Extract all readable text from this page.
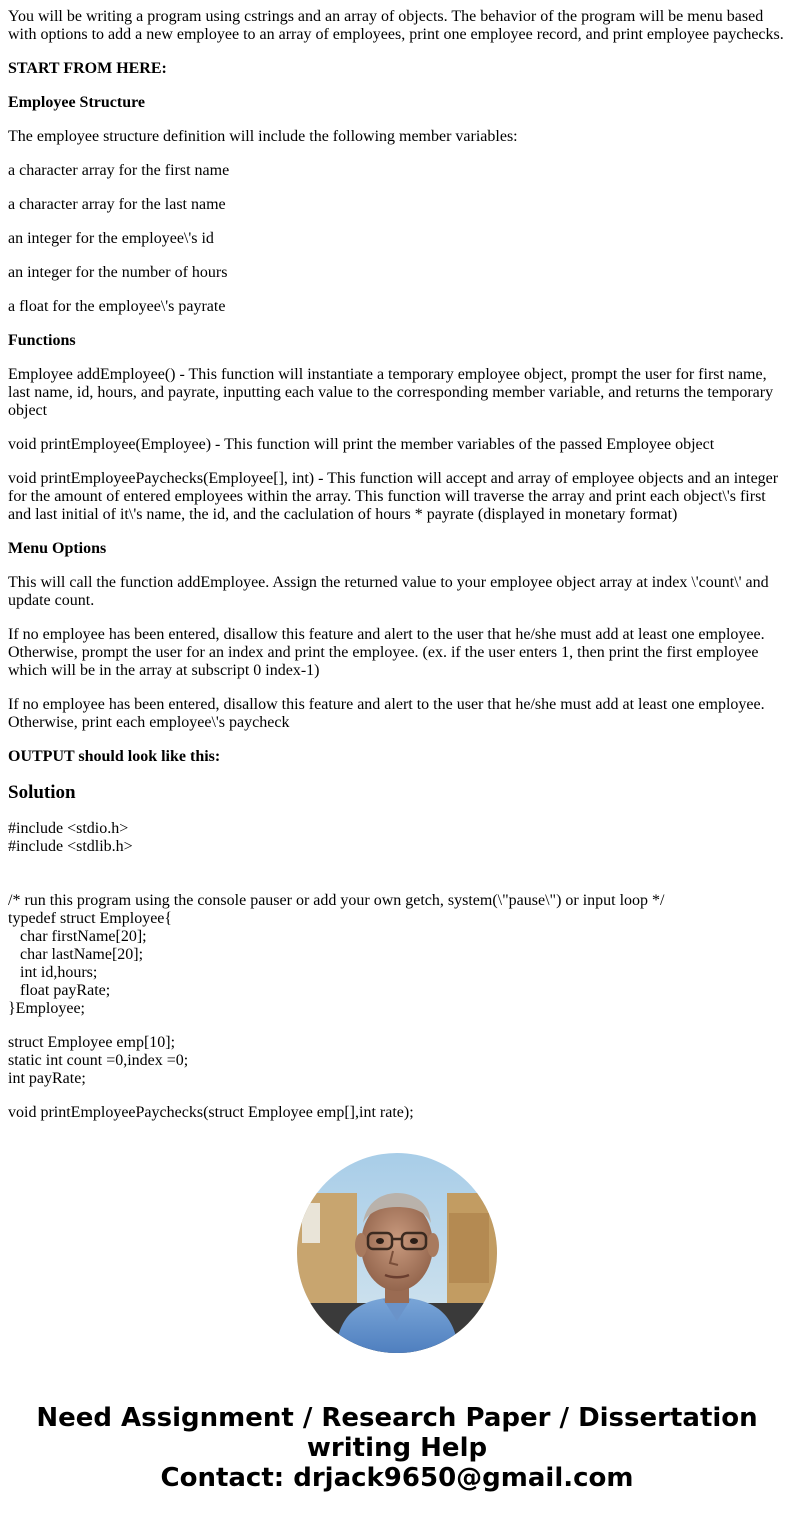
You will be writing a program using cstrings and an array of objects. The behavior of the program will be menu based with options to add a new employee to an array of employees, print one employee record, and print employee paychecks.

START FROM HERE:

Employee Structure

The employee structure definition will include the following member variables:

a character array for the first name

a character array for the last name

an integer for the employee\'s id

an integer for the number of hours

a float for the employee\'s payrate

Functions

Employee addEmployee() - This function will instantiate a temporary employee object, prompt the user for first name, last name, id, hours, and payrate, inputting each value to the corresponding member variable, and returns the temporary object

void printEmployee(Employee) - This function will print the member variables of the passed Employee object

void printEmployeePaychecks(Employee[], int) - This function will accept and array of employee objects and an integer for the amount of entered employees within the array. This function will traverse the array and print each object\'s first and last initial of it\'s name, the id, and the caclulation of hours * payrate (displayed in monetary format)

Menu Options

This will call the function addEmployee. Assign the returned value to your employee object array at index \'count\' and update count.

If no employee has been entered, disallow this feature and alert to the user that he/she must add at least one employee. Otherwise, prompt the user for an index and print the employee. (ex. if the user enters 1, then print the first employee which will be in the array at subscript 0 index-1)

If no employee has been entered, disallow this feature and alert to the user that he/she must add at least one employee. Otherwise, print each employee\'s paycheck

OUTPUT should look like this:

Solution
#include <stdio.h>
#include <stdlib.h>

/* run this program using the console pauser or add your own getch, system(\"pause\") or input loop */
typedef struct Employee{
char firstName[20];
char lastName[20];
int id,hours;
float payRate;
}Employee;
struct Employee emp[10];
static int count =0,index =0;
int payRate;
void printEmployeePaychecks(struct Employee emp[],int rate);
Need Assignment / Research Paper / Dissertation
writing Help
Contact: drjack9650@gmail.com
